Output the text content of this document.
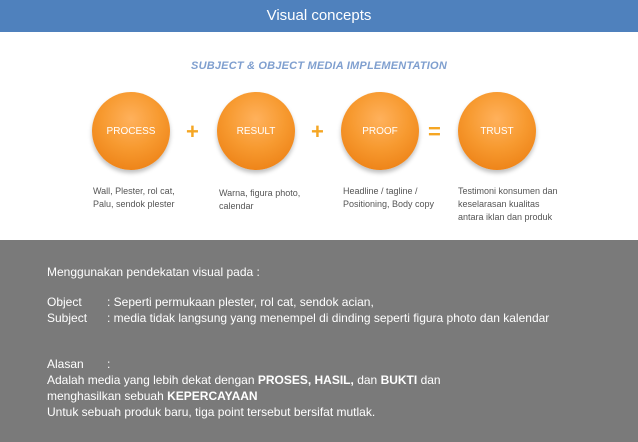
Visual concepts
SUBJECT & OBJECT MEDIA IMPLEMENTATION
PROCESS +	RESULT +	PROOF =	TRUST
Wall, Plester, rol cat,
Palu, sendok plester
Warna, figura photo,
calendar
Headline / tagline /
Positioning, Body copy
Testimoni konsumen dan
keselarasan kualitas
antara iklan dan produk
Menggunakan pendekatan visual pada :
Object : Seperti permukaan plester, rol cat, sendok acian,
Subject : media tidak langsung yang menempel di dinding seperti figura photo dan kalendar
Alasan :
Adalah media yang lebih dekat dengan PROSES, HASIL, dan BUKTI dan
menghasilkan sebuah KEPERCAYAAN
Untuk sebuah produk baru, tiga point tersebut bersifat mutlak.
